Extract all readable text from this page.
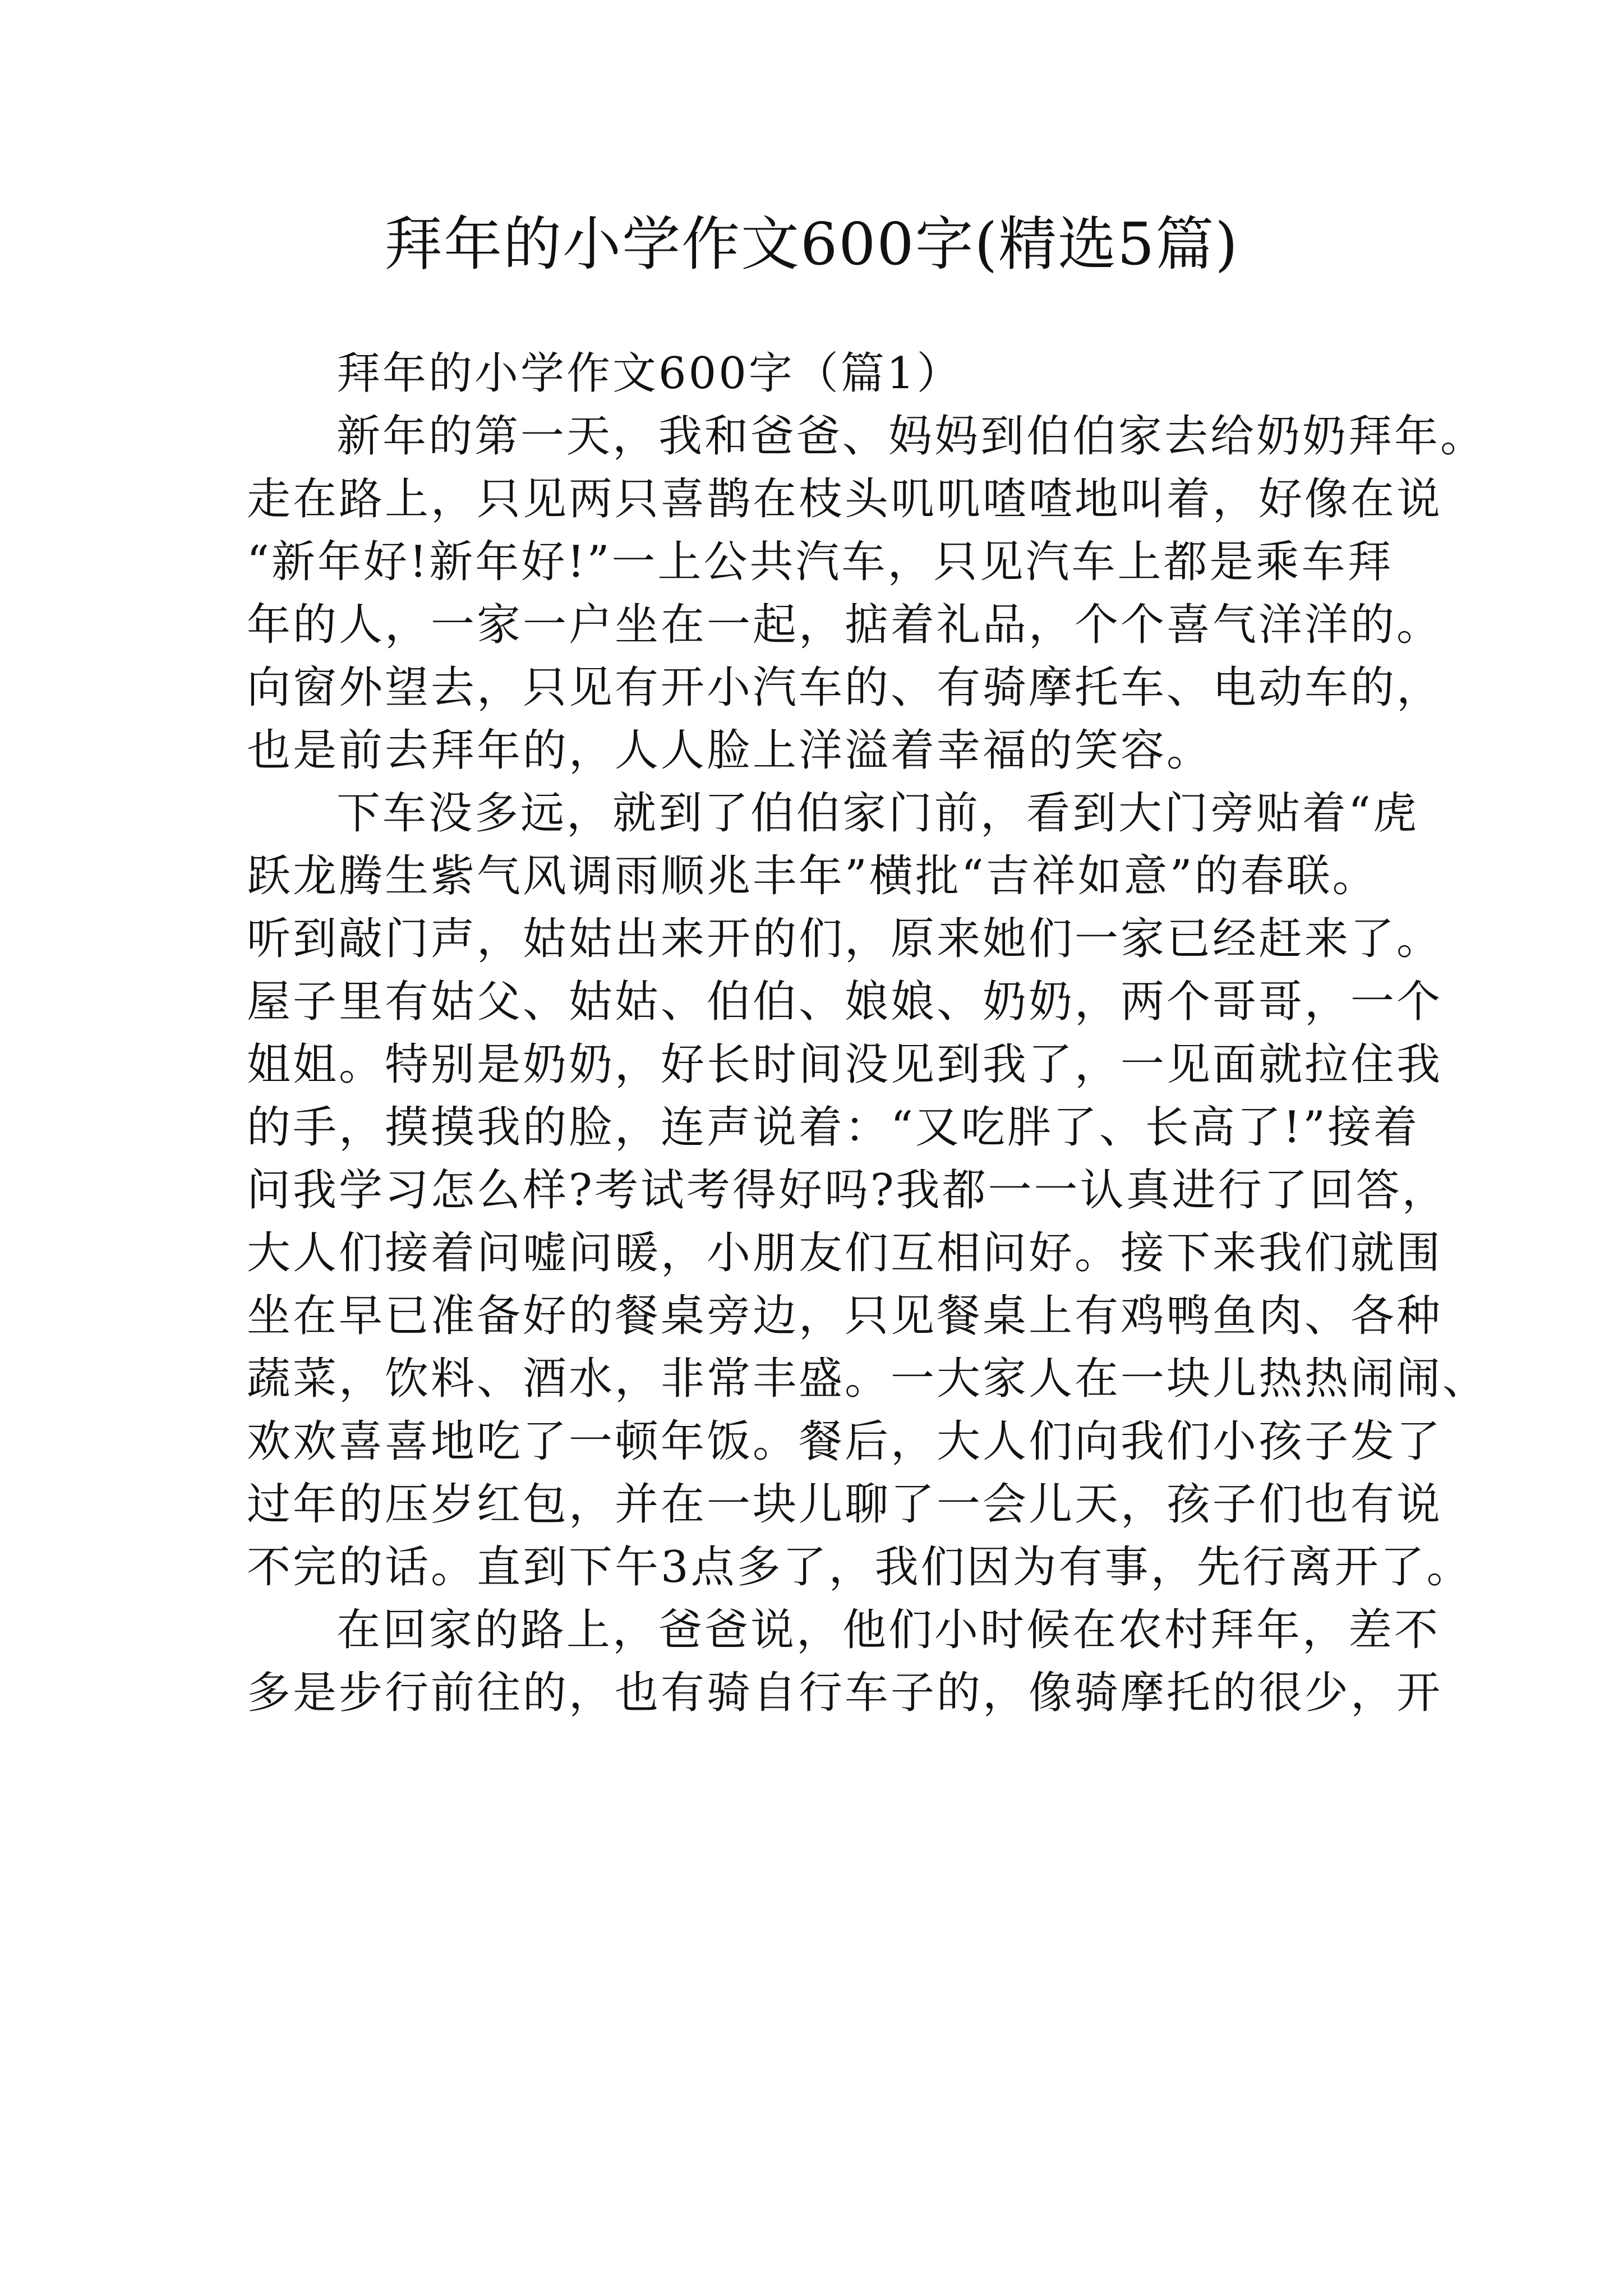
拜年的小学作文600字(精选5篇)
拜年的小学作文600字（篇1）
新年的第一天，我和爸爸、妈妈到伯伯家去给奶奶拜年。
走在路上，只见两只喜鹊在枝头叽叽喳喳地叫着，好像在说
“新年好!新年好!”一上公共汽车，只见汽车上都是乘车拜
年的人，一家一户坐在一起，掂着礼品，个个喜气洋洋的。
向窗外望去，只见有开小汽车的、有骑摩托车、电动车的，
也是前去拜年的，人人脸上洋溢着幸福的笑容。
下车没多远，就到了伯伯家门前，看到大门旁贴着“虎
跃龙腾生紫气风调雨顺兆丰年”横批“吉祥如意”的春联。
听到敲门声，姑姑出来开的们，原来她们一家已经赶来了。
屋子里有姑父、姑姑、伯伯、娘娘、奶奶，两个哥哥，一个
姐姐。特别是奶奶，好长时间没见到我了，一见面就拉住我
的手，摸摸我的脸，连声说着：“又吃胖了、长高了!”接着
问我学习怎么样?考试考得好吗?我都一一认真进行了回答，
大人们接着问嘘问暖，小朋友们互相问好。接下来我们就围
坐在早已准备好的餐桌旁边，只见餐桌上有鸡鸭鱼肉、各种
蔬菜，饮料、酒水，非常丰盛。一大家人在一块儿热热闹闹、
欢欢喜喜地吃了一顿年饭。餐后，大人们向我们小孩子发了
过年的压岁红包，并在一块儿聊了一会儿天，孩子们也有说
不完的话。直到下午3点多了，我们因为有事，先行离开了。
在回家的路上，爸爸说，他们小时候在农村拜年，差不
多是步行前往的，也有骑自行车子的，像骑摩托的很少，开
